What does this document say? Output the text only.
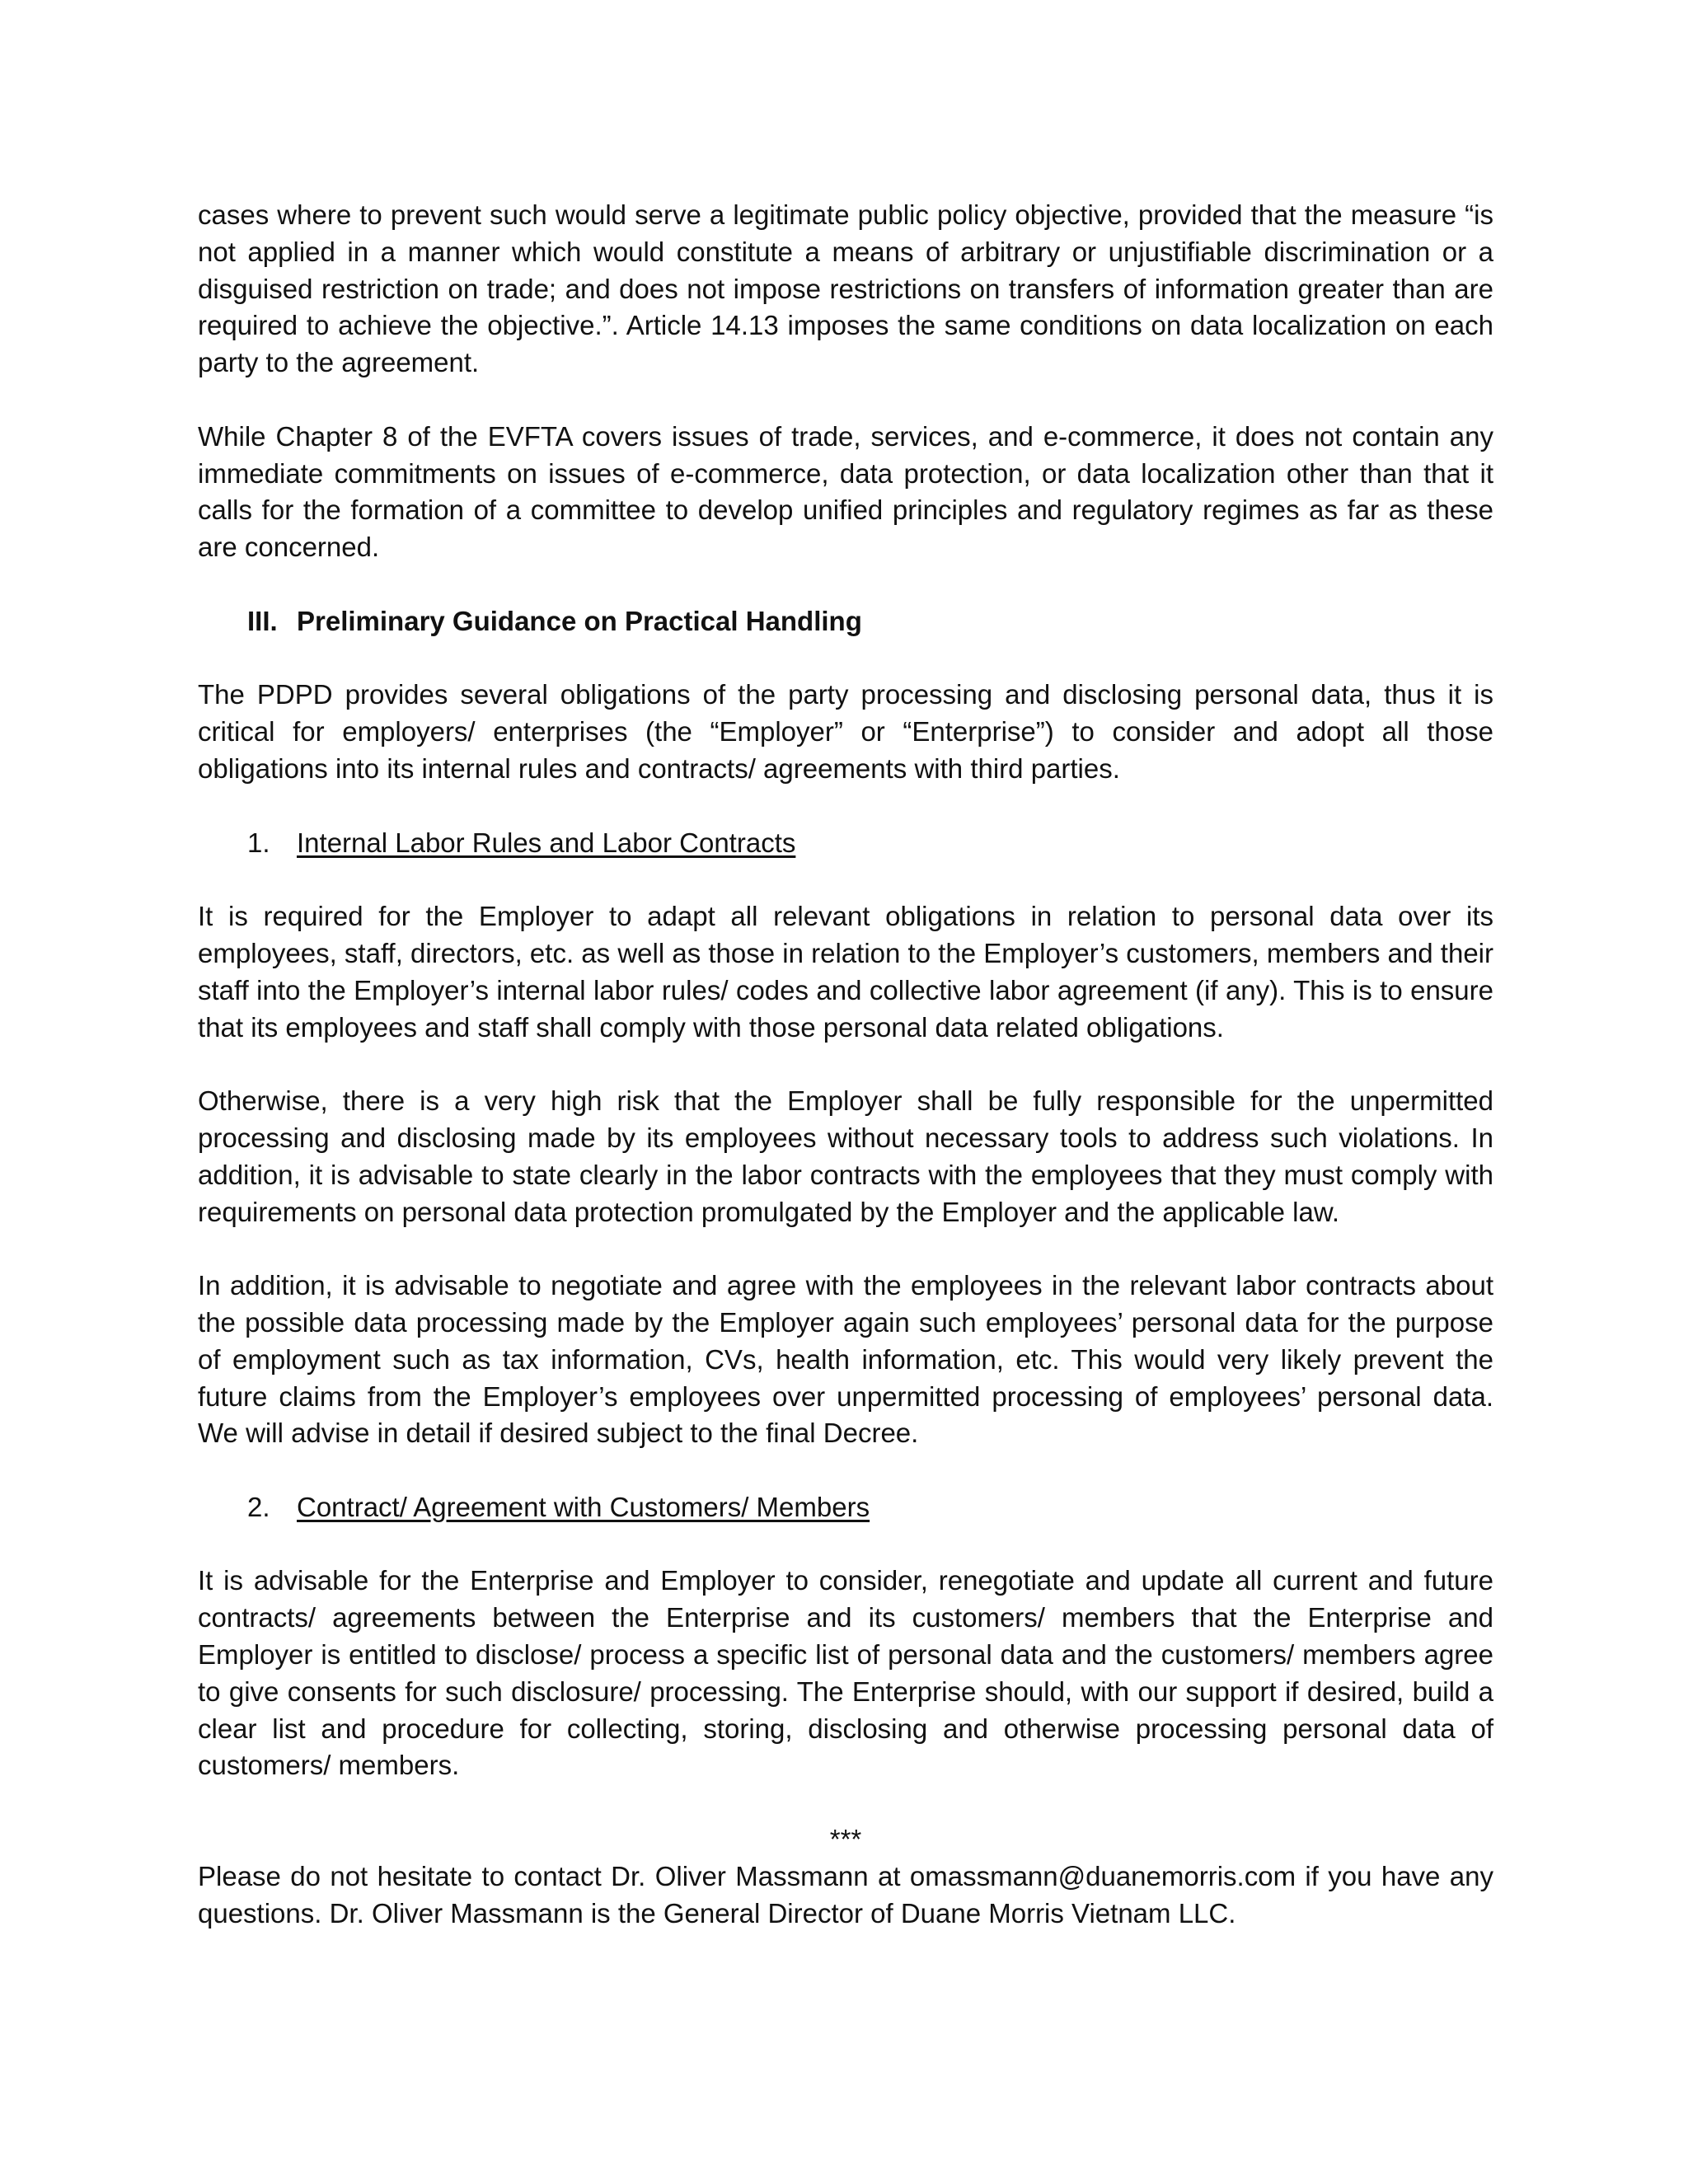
cases where to prevent such would serve a legitimate public policy objective, provided that the measure “is not applied in a manner which would constitute a means of arbitrary or unjustifiable discrimination or a disguised restriction on trade; and does not impose restrictions on transfers of information greater than are required to achieve the objective.”. Article 14.13 imposes the same conditions on data localization on each party to the agreement.

While Chapter 8 of the EVFTA covers issues of trade, services, and e-commerce, it does not contain any immediate commitments on issues of e-commerce, data protection, or data localization other than that it calls for the formation of a committee to develop unified principles and regulatory regimes as far as these are concerned.

III. Preliminary Guidance on Practical Handling

The PDPD provides several obligations of the party processing and disclosing personal data, thus it is critical for employers/ enterprises (the “Employer” or “Enterprise”) to consider and adopt all those obligations into its internal rules and contracts/ agreements with third parties.

1. Internal Labor Rules and Labor Contracts

It is required for the Employer to adapt all relevant obligations in relation to personal data over its employees, staff, directors, etc. as well as those in relation to the Employer’s customers, members and their staff into the Employer’s internal labor rules/ codes and collective labor agreement (if any). This is to ensure that its employees and staff shall comply with those personal data related obligations.

Otherwise, there is a very high risk that the Employer shall be fully responsible for the unpermitted processing and disclosing made by its employees without necessary tools to address such violations. In addition, it is advisable to state clearly in the labor contracts with the employees that they must comply with requirements on personal data protection promulgated by the Employer and the applicable law.

In addition, it is advisable to negotiate and agree with the employees in the relevant labor contracts about the possible data processing made by the Employer again such employees’ personal data for the purpose of employment such as tax information, CVs, health information, etc. This would very likely prevent the future claims from the Employer’s employees over unpermitted processing of employees’ personal data. We will advise in detail if desired subject to the final Decree.

2. Contract/ Agreement with Customers/ Members

It is advisable for the Enterprise and Employer to consider, renegotiate and update all current and future contracts/ agreements between the Enterprise and its customers/ members that the Enterprise and Employer is entitled to disclose/ process a specific list of personal data and the customers/ members agree to give consents for such disclosure/ processing. The Enterprise should, with our support if desired, build a clear list and procedure for collecting, storing, disclosing and otherwise processing personal data of customers/ members.

***

Please do not hesitate to contact Dr. Oliver Massmann at omassmann@duanemorris.com if you have any questions. Dr. Oliver Massmann is the General Director of Duane Morris Vietnam LLC.
